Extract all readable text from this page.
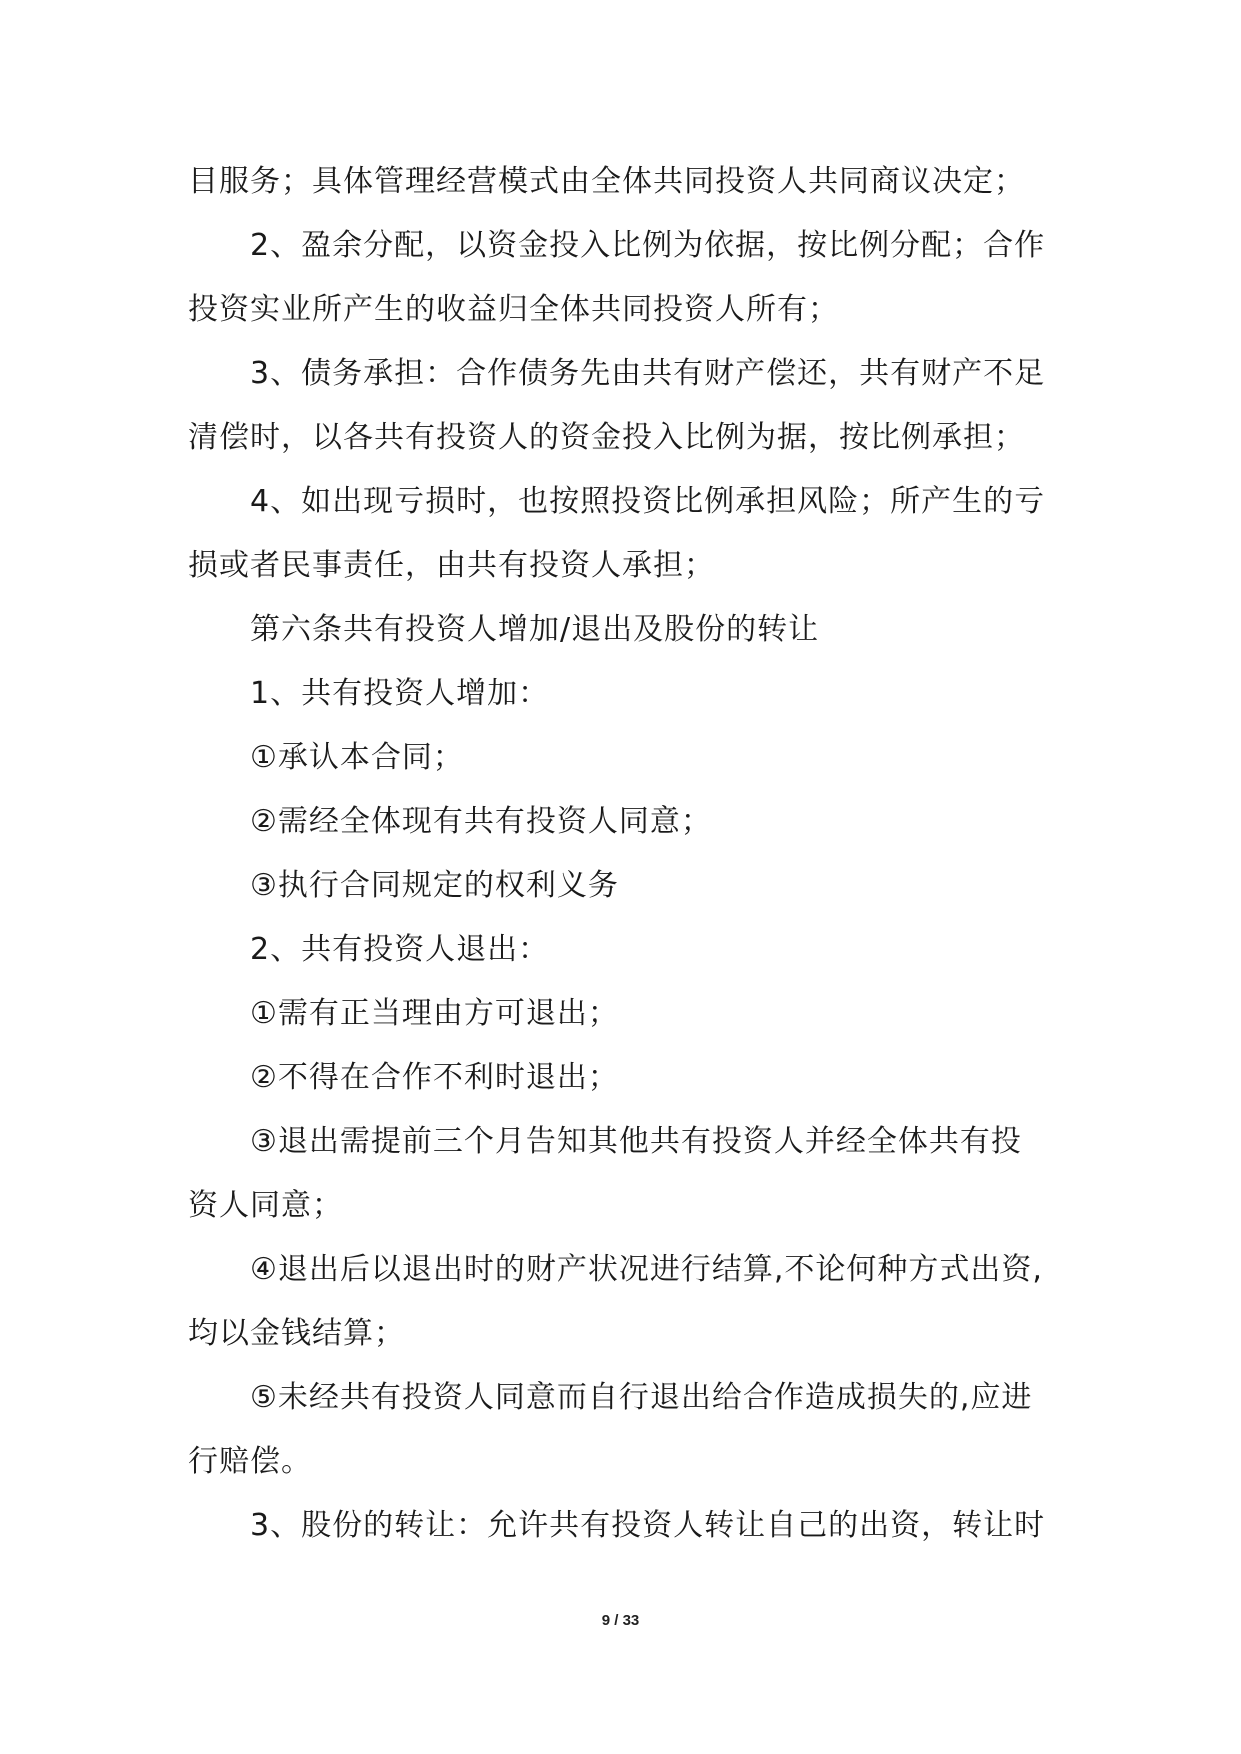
目服务；具体管理经营模式由全体共同投资人共同商议决定；
2、盈余分配，以资金投入比例为依据，按比例分配；合作
投资实业所产生的收益归全体共同投资人所有；
3、债务承担：合作债务先由共有财产偿还，共有财产不足
清偿时，以各共有投资人的资金投入比例为据，按比例承担；
4、如出现亏损时，也按照投资比例承担风险；所产生的亏
损或者民事责任，由共有投资人承担；
第六条共有投资人增加/退出及股份的转让
1、共有投资人增加：
①承认本合同；
②需经全体现有共有投资人同意；
③执行合同规定的权利义务
2、共有投资人退出：
①需有正当理由方可退出；
②不得在合作不利时退出；
③退出需提前三个月告知其他共有投资人并经全体共有投
资人同意；
④退出后以退出时的财产状况进行结算,不论何种方式出资,
均以金钱结算；
⑤未经共有投资人同意而自行退出给合作造成损失的,应进
行赔偿。
3、股份的转让：允许共有投资人转让自己的出资，转让时
9 / 33
